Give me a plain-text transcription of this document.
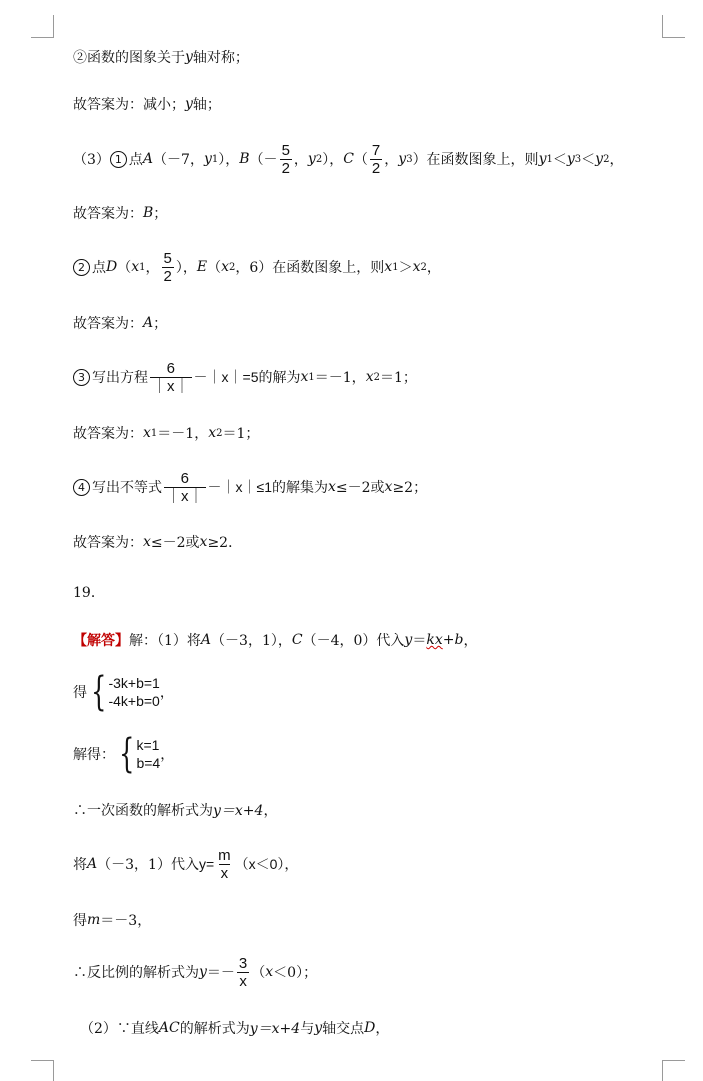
②函数的图象关于 y 轴对称；
故答案为：减小； y 轴；
（3） 1 点 A （－7， y 1 ）， B （－ $\frac{5}{2}$ ， y 2 ）， C （ $\frac{7}{2}$ ， y 3 ）在函数图象上，则 y 1 ＜ y 3 ＜ y 2 ，
故答案为： B ；
2 点 D （ x 1 ， $\frac{5}{2}$ ）， E （ x 2 ，6）在函数图象上，则 x 1 ＞ x 2 ，
故答案为： A ；
3 写出方程 $\frac{6}{|x|}$ －｜x｜=5 的解为 x 1 ＝－1， x 2 ＝1；
故答案为： x 1 ＝－1， x 2 ＝1；
4 写出不等式 $\frac{6}{|x|}$ －｜x｜≤1 的解集为 x ≤－2或 x ≥2；
故答案为： x ≤－2或 x ≥2．
19．
【解答】 解：（1）将 A （－3，1）， C （－4，0）代入 y ＝ kx + b ，
得 { -3k+b=1
-4k+b=0 ，
解得： { k=1
b=4 ，
∴一次函数的解析式为 y＝x+4 ，
将 A （－3，1）代入 $y= \frac{m}{x} (x<0)$，
得 m ＝－3，
∴反比例的解析式为 $y =- \frac{3}{x}$ （ x ＜0）；
（2）∵直线 AC 的解析式为 y＝x+4 与 y 轴交点 D ，
